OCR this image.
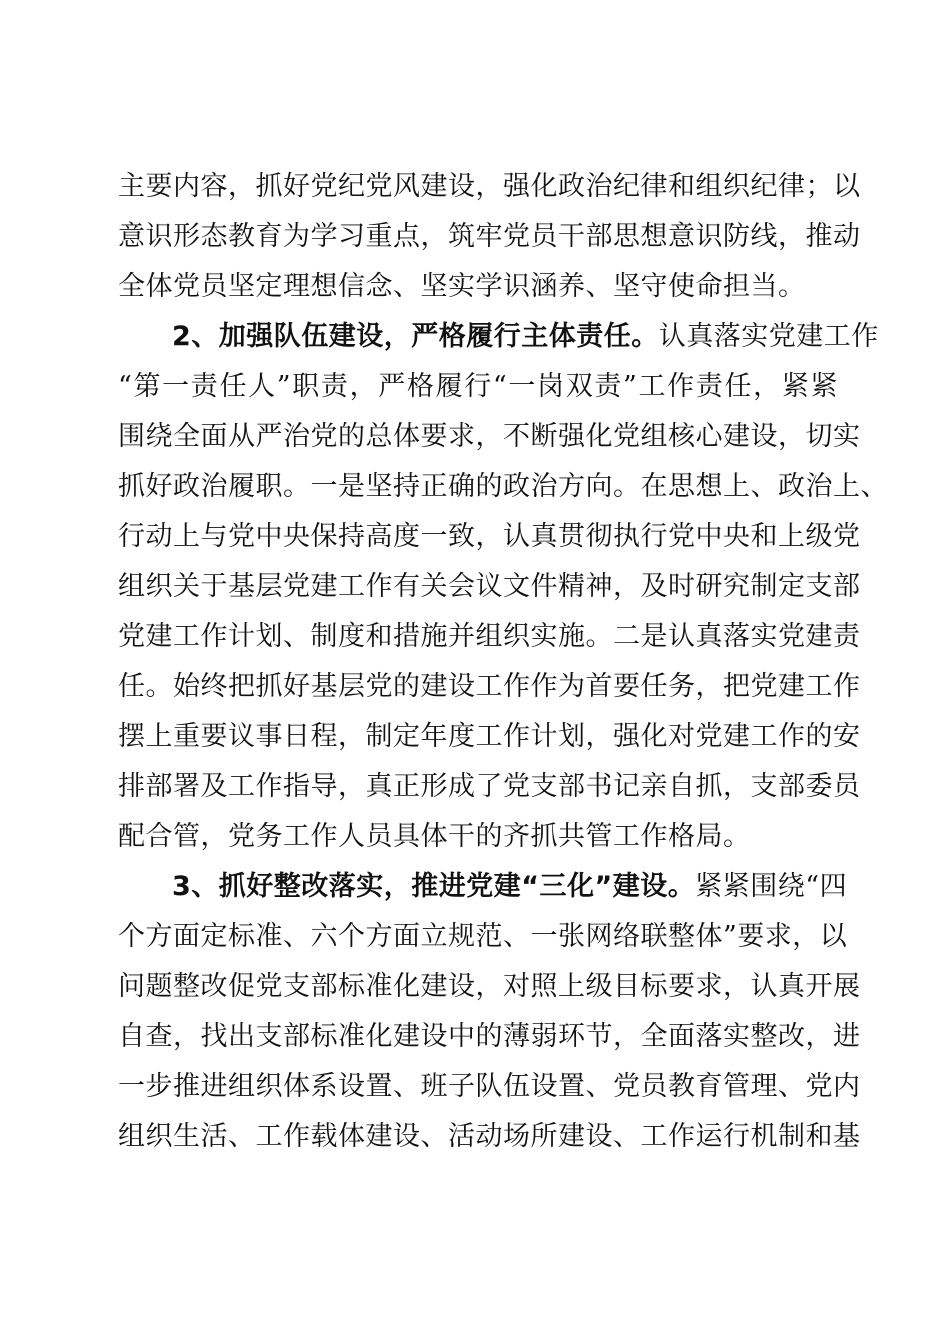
主要内容，抓好党纪党风建设，强化政治纪律和组织纪律；以
意识形态教育为学习重点，筑牢党员干部思想意识防线，推动
全体党员坚定理想信念、坚实学识涵养、坚守使命担当。
2、加强队伍建设，严格履行主体责任。认真落实党建工作
“第一责任人”职责，严格履行“一岗双责”工作责任，紧紧
围绕全面从严治党的总体要求，不断强化党组核心建设，切实
抓好政治履职。一是坚持正确的政治方向。在思想上、政治上、
行动上与党中央保持高度一致，认真贯彻执行党中央和上级党
组织关于基层党建工作有关会议文件精神，及时研究制定支部
党建工作计划、制度和措施并组织实施。二是认真落实党建责
任。始终把抓好基层党的建设工作作为首要任务，把党建工作
摆上重要议事日程，制定年度工作计划，强化对党建工作的安
排部署及工作指导，真正形成了党支部书记亲自抓，支部委员
配合管，党务工作人员具体干的齐抓共管工作格局。
3、抓好整改落实，推进党建“三化”建设。紧紧围绕“四
个方面定标准、六个方面立规范、一张网络联整体”要求，以
问题整改促党支部标准化建设，对照上级目标要求，认真开展
自查，找出支部标准化建设中的薄弱环节，全面落实整改，进
一步推进组织体系设置、班子队伍设置、党员教育管理、党内
组织生活、工作载体建设、活动场所建设、工作运行机制和基
